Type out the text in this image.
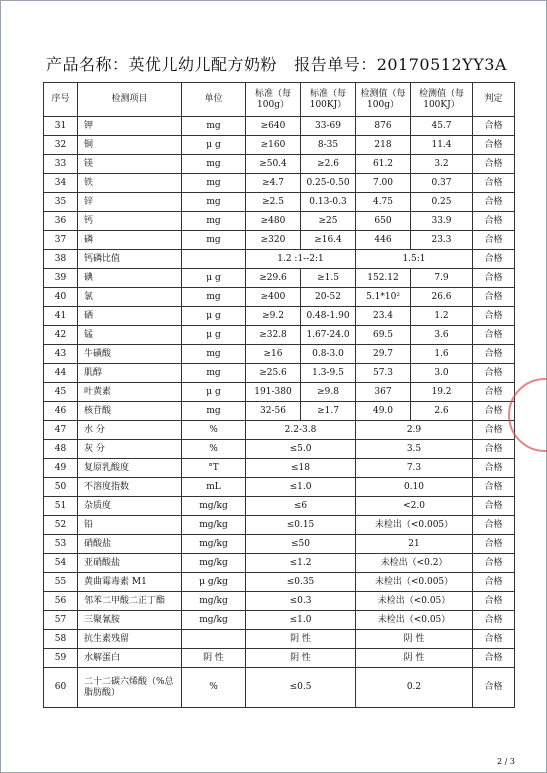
产品名称：英优儿幼儿配方奶粉 报告单号：20170512YY3A
序号	检测项目	单位	标准（每100g）	标准（每100KJ）	检测值（每100g）	检测值（每100KJ）	判定
31	钾	mg	≥640	33-69	876	45.7	合格
32	铜	μ g	≥160	8-35	218	11.4	合格
33	镁	mg	≥50.4	≥2.6	61.2	3.2	合格
34	铁	mg	≥4.7	0.25-0.50	7.00	0.37	合格
35	锌	mg	≥2.5	0.13-0.3	4.75	0.25	合格
36	钙	mg	≥480	≥25	650	33.9	合格
37	磷	mg	≥320	≥16.4	446	23.3	合格
38	钙磷比值		1.2 :1--2:1		1.5:1		合格
39	碘	μ g	≥29.6	≥1.5	152.12	7.9	合格
40	氯	mg	≥400	20-52	5.1*10²	26.6	合格
41	硒	μ g	≥9.2	0.48-1.90	23.4	1.2	合格
42	锰	μ g	≥32.8	1.67-24.0	69.5	3.6	合格
43	牛磺酸	mg	≥16	0.8-3.0	29.7	1.6	合格
44	肌醇	mg	≥25.6	1.3-9.5	57.3	3.0	合格
45	叶黄素	μ g	191-380	≥9.8	367	19.2	合格
46	核苷酸	mg	32-56	≥1.7	49.0	2.6	合格
47	水 分	%	2.2-3.8		2.9		合格
48	灰 分	%	≤5.0		3.5		合格
49	复原乳酸度	°T	≤18		7.3		合格
50	不溶度指数	mL	≤1.0		0.10		合格
51	杂质度	mg/kg	≤6		<2.0		合格
52	铅	mg/kg	≤0.15		未检出（<0.005）		合格
53	硝酸盐	mg/kg	≤50		21		合格
54	亚硝酸盐	mg/kg	≤1.2		未检出（<0.2）		合格
55	黄曲霉毒素 M1	μ g/kg	≤0.35		未检出（<0.005）		合格
56	邻苯二甲酸二正丁酯	mg/kg	≤0.3		未检出（<0.05）		合格
57	三聚氰胺	mg/kg	≤1.0		未检出（<0.05）		合格
58	抗生素残留		阴 性		阴 性		合格
59	水解蛋白	阴 性	阴 性		阴 性		合格
60	二十二碳六烯酸（%总脂肪酸）	%	≤0.5		0.2		合格
2 / 3
